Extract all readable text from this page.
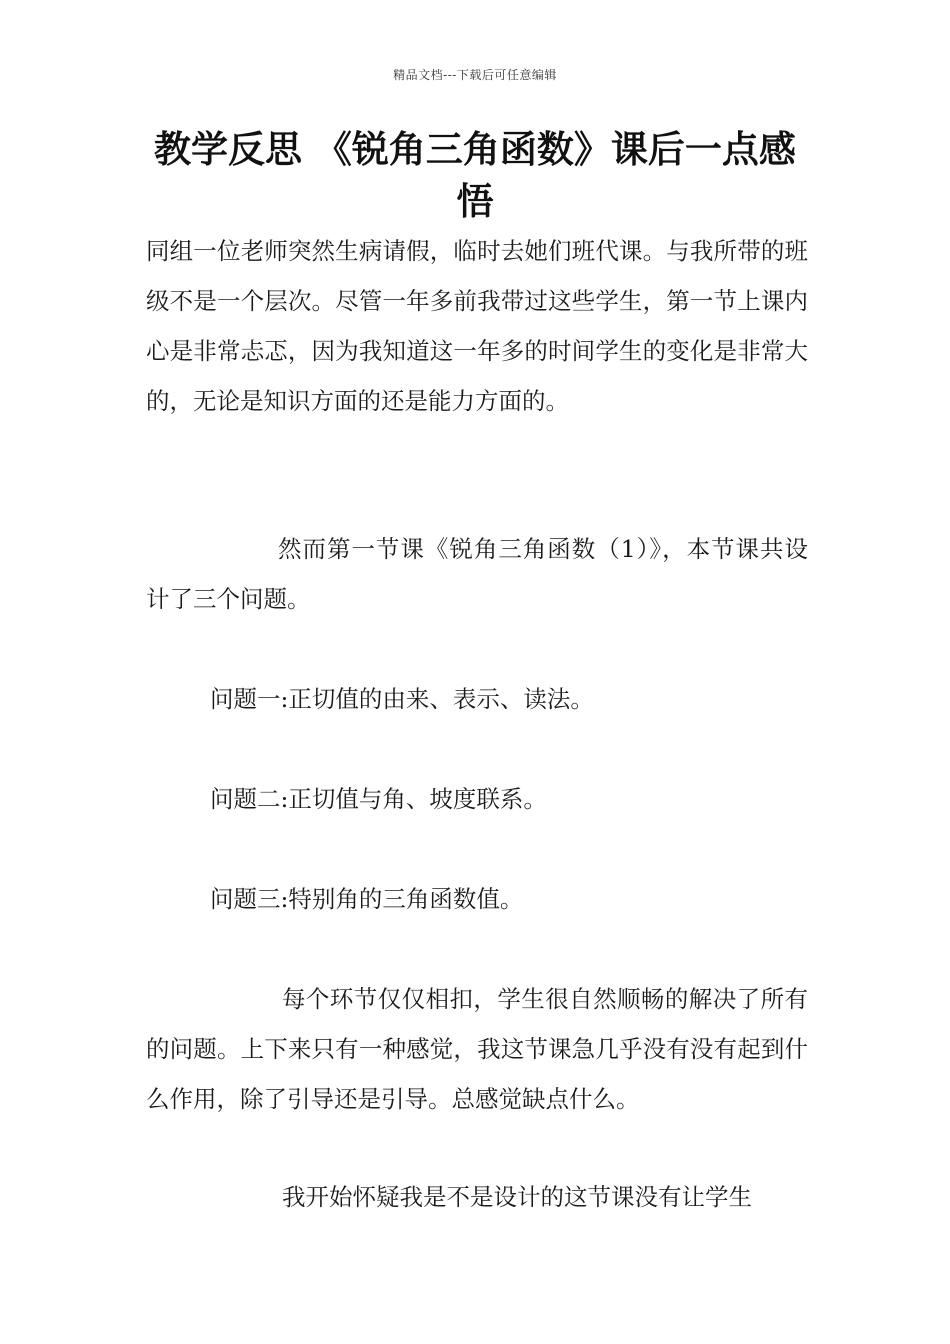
精品文档---下载后可任意编辑
教学反思 《锐角三角函数》课后一点感悟

同组一位老师突然生病请假，临时去她们班代课。与我所带的班级不是一个层次。尽管一年多前我带过这些学生，第一节上课内心是非常忐忑，因为我知道这一年多的时间学生的变化是非常大的，无论是知识方面的还是能力方面的。

然而第一节课《锐角三角函数（1）》，本节课共设计了三个问题。

问题一:正切值的由来、表示、读法。

问题二:正切值与角、坡度联系。

问题三:特别角的三角函数值。

每个环节仅仅相扣，学生很自然顺畅的解决了所有的问题。上下来只有一种感觉，我这节课急几乎没有没有起到什么作用，除了引导还是引导。总感觉缺点什么。

我开始怀疑我是不是设计的这节课没有让学生
